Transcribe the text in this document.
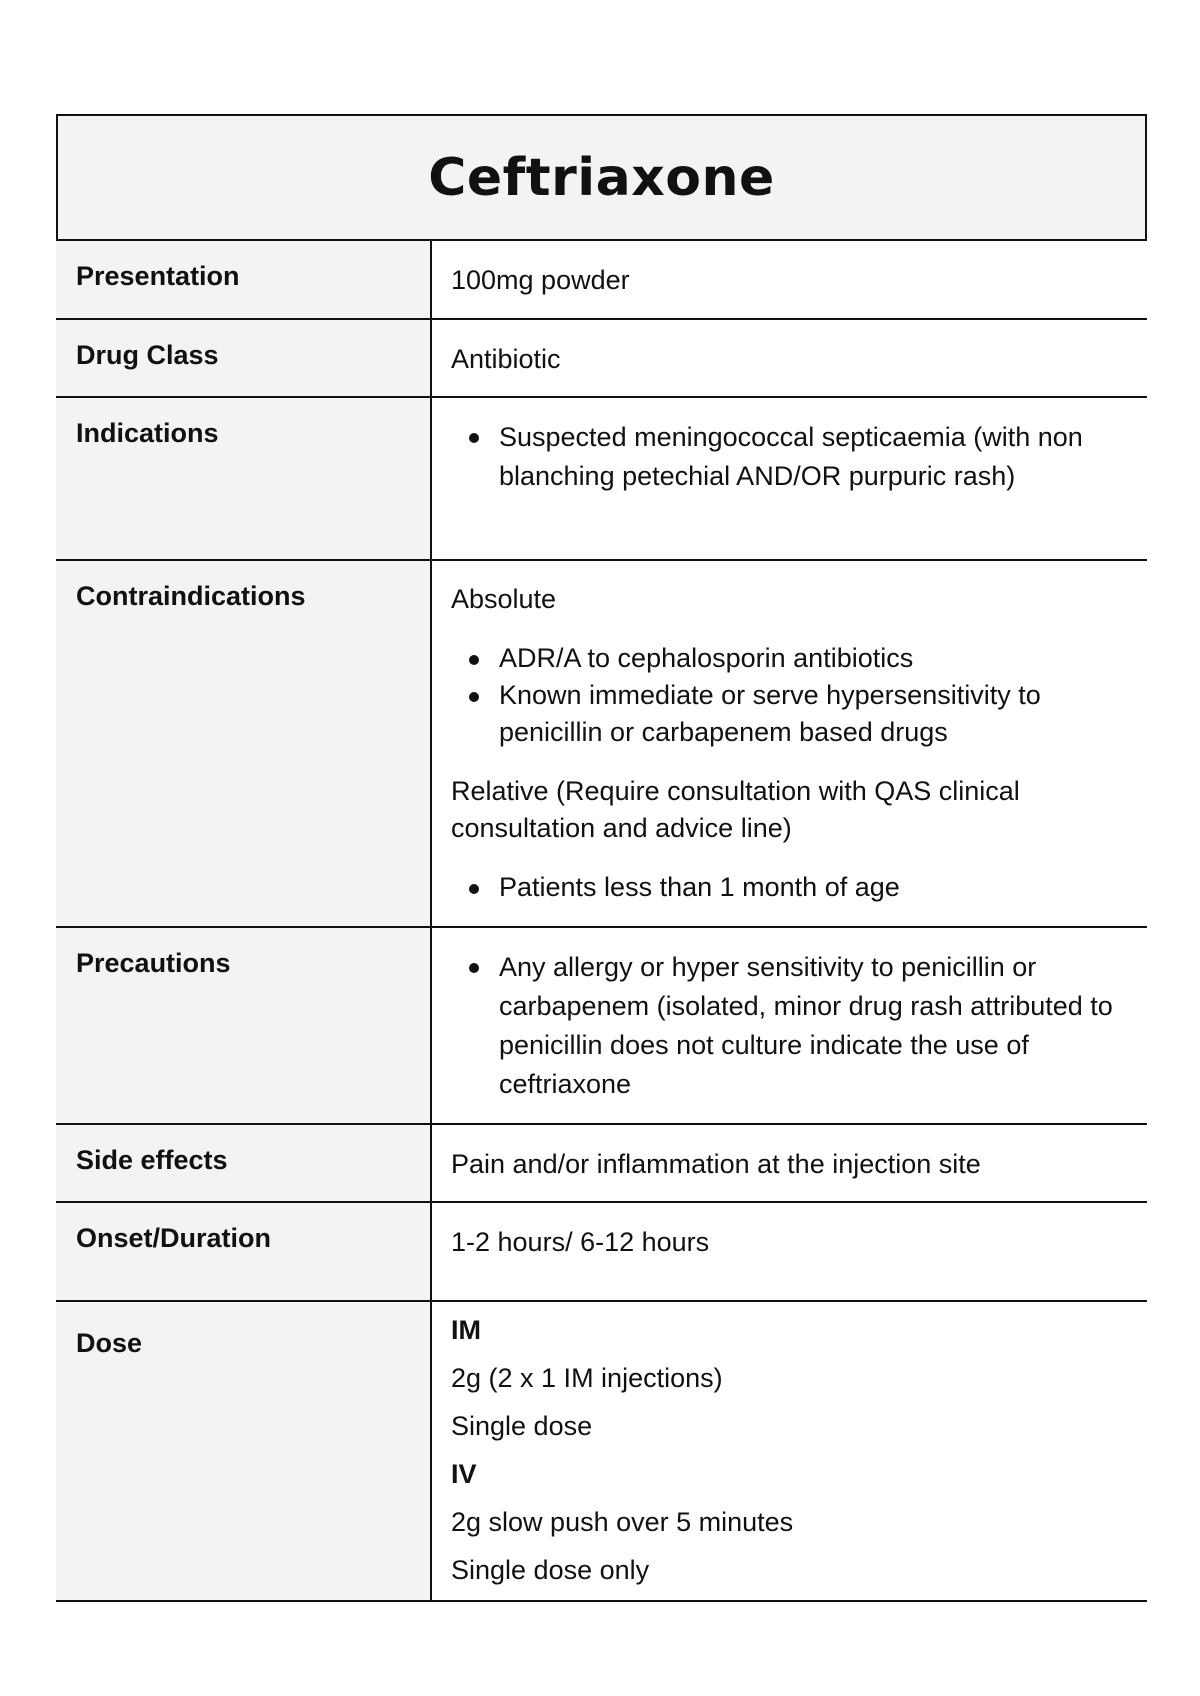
Ceftriaxone
Presentation	100mg powder

Drug Class	Antibiotic

Indications	Suspected meningococcal septicaemia (with non blanching petechial AND/OR purpuric rash)
Contraindications	Absolute

ADR/A to cephalosporin antibiotics
Known immediate or serve hypersensitivity to penicillin or carbapenem based drugs

Relative (Require consultation with QAS clinical consultation and advice line)

Patients less than 1 month of age
Precautions	Any allergy or hyper sensitivity to penicillin or carbapenem (isolated, minor drug rash attributed to penicillin does not culture indicate the use of ceftriaxone
Side effects	Pain and/or inflammation at the injection site

Onset/Duration	1-2 hours/ 6-12 hours

Dose	IM

2g (2 x 1 IM injections)

Single dose

IV

2g slow push over 5 minutes

Single dose only
